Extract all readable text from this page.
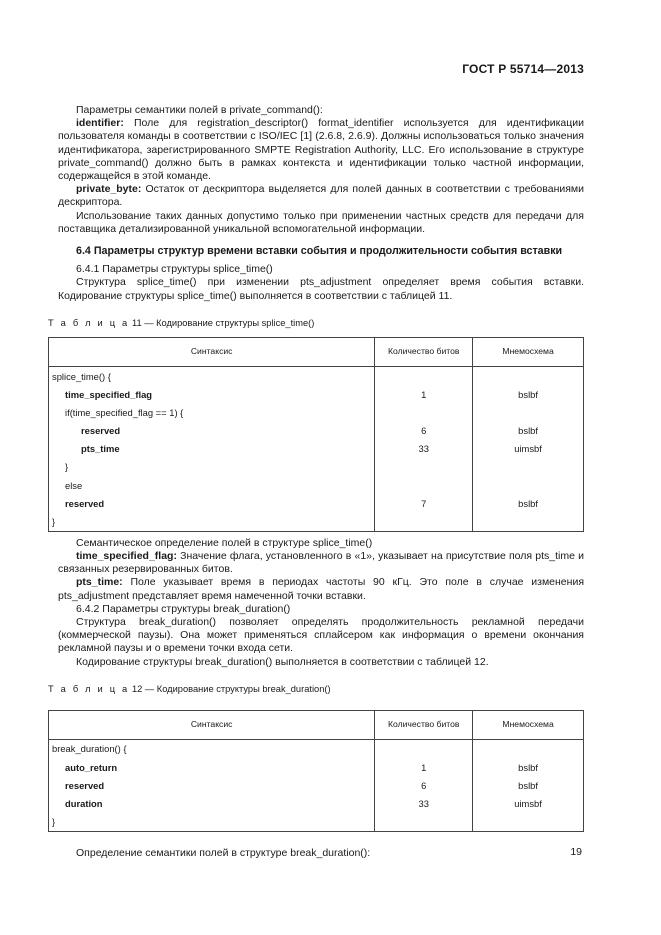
ГОСТ Р 55714—2013

Параметры семантики полей в private_command():

identifier: Поле для registration_descriptor() format_identifier используется для идентификации пользователя команды в соответствии с ISO/IEC [1] (2.6.8, 2.6.9). Должны использоваться только значения идентификатора, зарегистрированного SMPTE Registration Authority, LLC. Его использование в структуре private_command() должно быть в рамках контекста и идентификации только частной информации, содержащейся в этой команде.

private_byte: Остаток от дескриптора выделяется для полей данных в соответствии с требованиями дескриптора.

Использование таких данных допустимо только при применении частных средств для передачи для поставщика детализированной уникальной вспомогательной информации.

6.4 Параметры структур времени вставки события и продолжительности события вставки

6.4.1 Параметры структуры splice_time()

Структура splice_time() при изменении pts_adjustment определяет время события вставки. Кодирование структуры splice_time() выполняется в соответствии с таблицей 11.

Т а б л и ц а 11 — Кодирование структуры splice_time()

Синтаксис	Количество битов	Мнемосхема
splice_time() {		
time_specified_flag	1	bslbf
if(time_specified_flag == 1) {		
reserved	6	bslbf
pts_time	33	uimsbf
}		
else		
reserved	7	bslbf
}		

Семантическое определение полей в структуре splice_time()

time_specified_flag: Значение флага, установленного в «1», указывает на присутствие поля pts_time и связанных резервированных битов.

pts_time: Поле указывает время в периодах частоты 90 кГц. Это поле в случае изменения pts_adjustment представляет время намеченной точки вставки.

6.4.2 Параметры структуры break_duration()

Структура break_duration() позволяет определять продолжительность рекламной передачи (коммерческой паузы). Она может применяться сплайсером как информация о времени окончания рекламной паузы и о времени точки входа сети.

Кодирование структуры break_duration() выполняется в соответствии с таблицей 12.

Т а б л и ц а 12 — Кодирование структуры break_duration()

Синтаксис	Количество битов	Мнемосхема
break_duration() {		
auto_return	1	bslbf
reserved	6	bslbf
duration	33	uimsbf
}		

Определение семантики полей в структуре break_duration():	19
